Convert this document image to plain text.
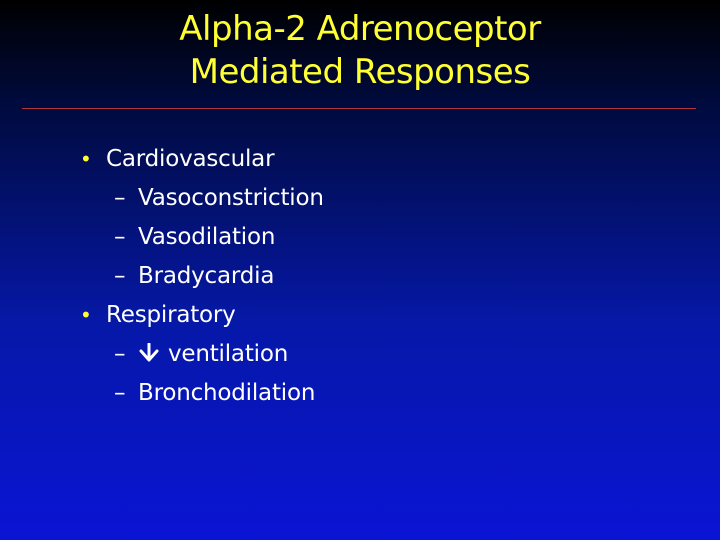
Alpha-2 Adrenoceptor
Mediated Responses
• Cardiovascular
– Vasoconstriction
– Vasodilation
– Bradycardia
• Respiratory
– ventilation
– Bronchodilation
